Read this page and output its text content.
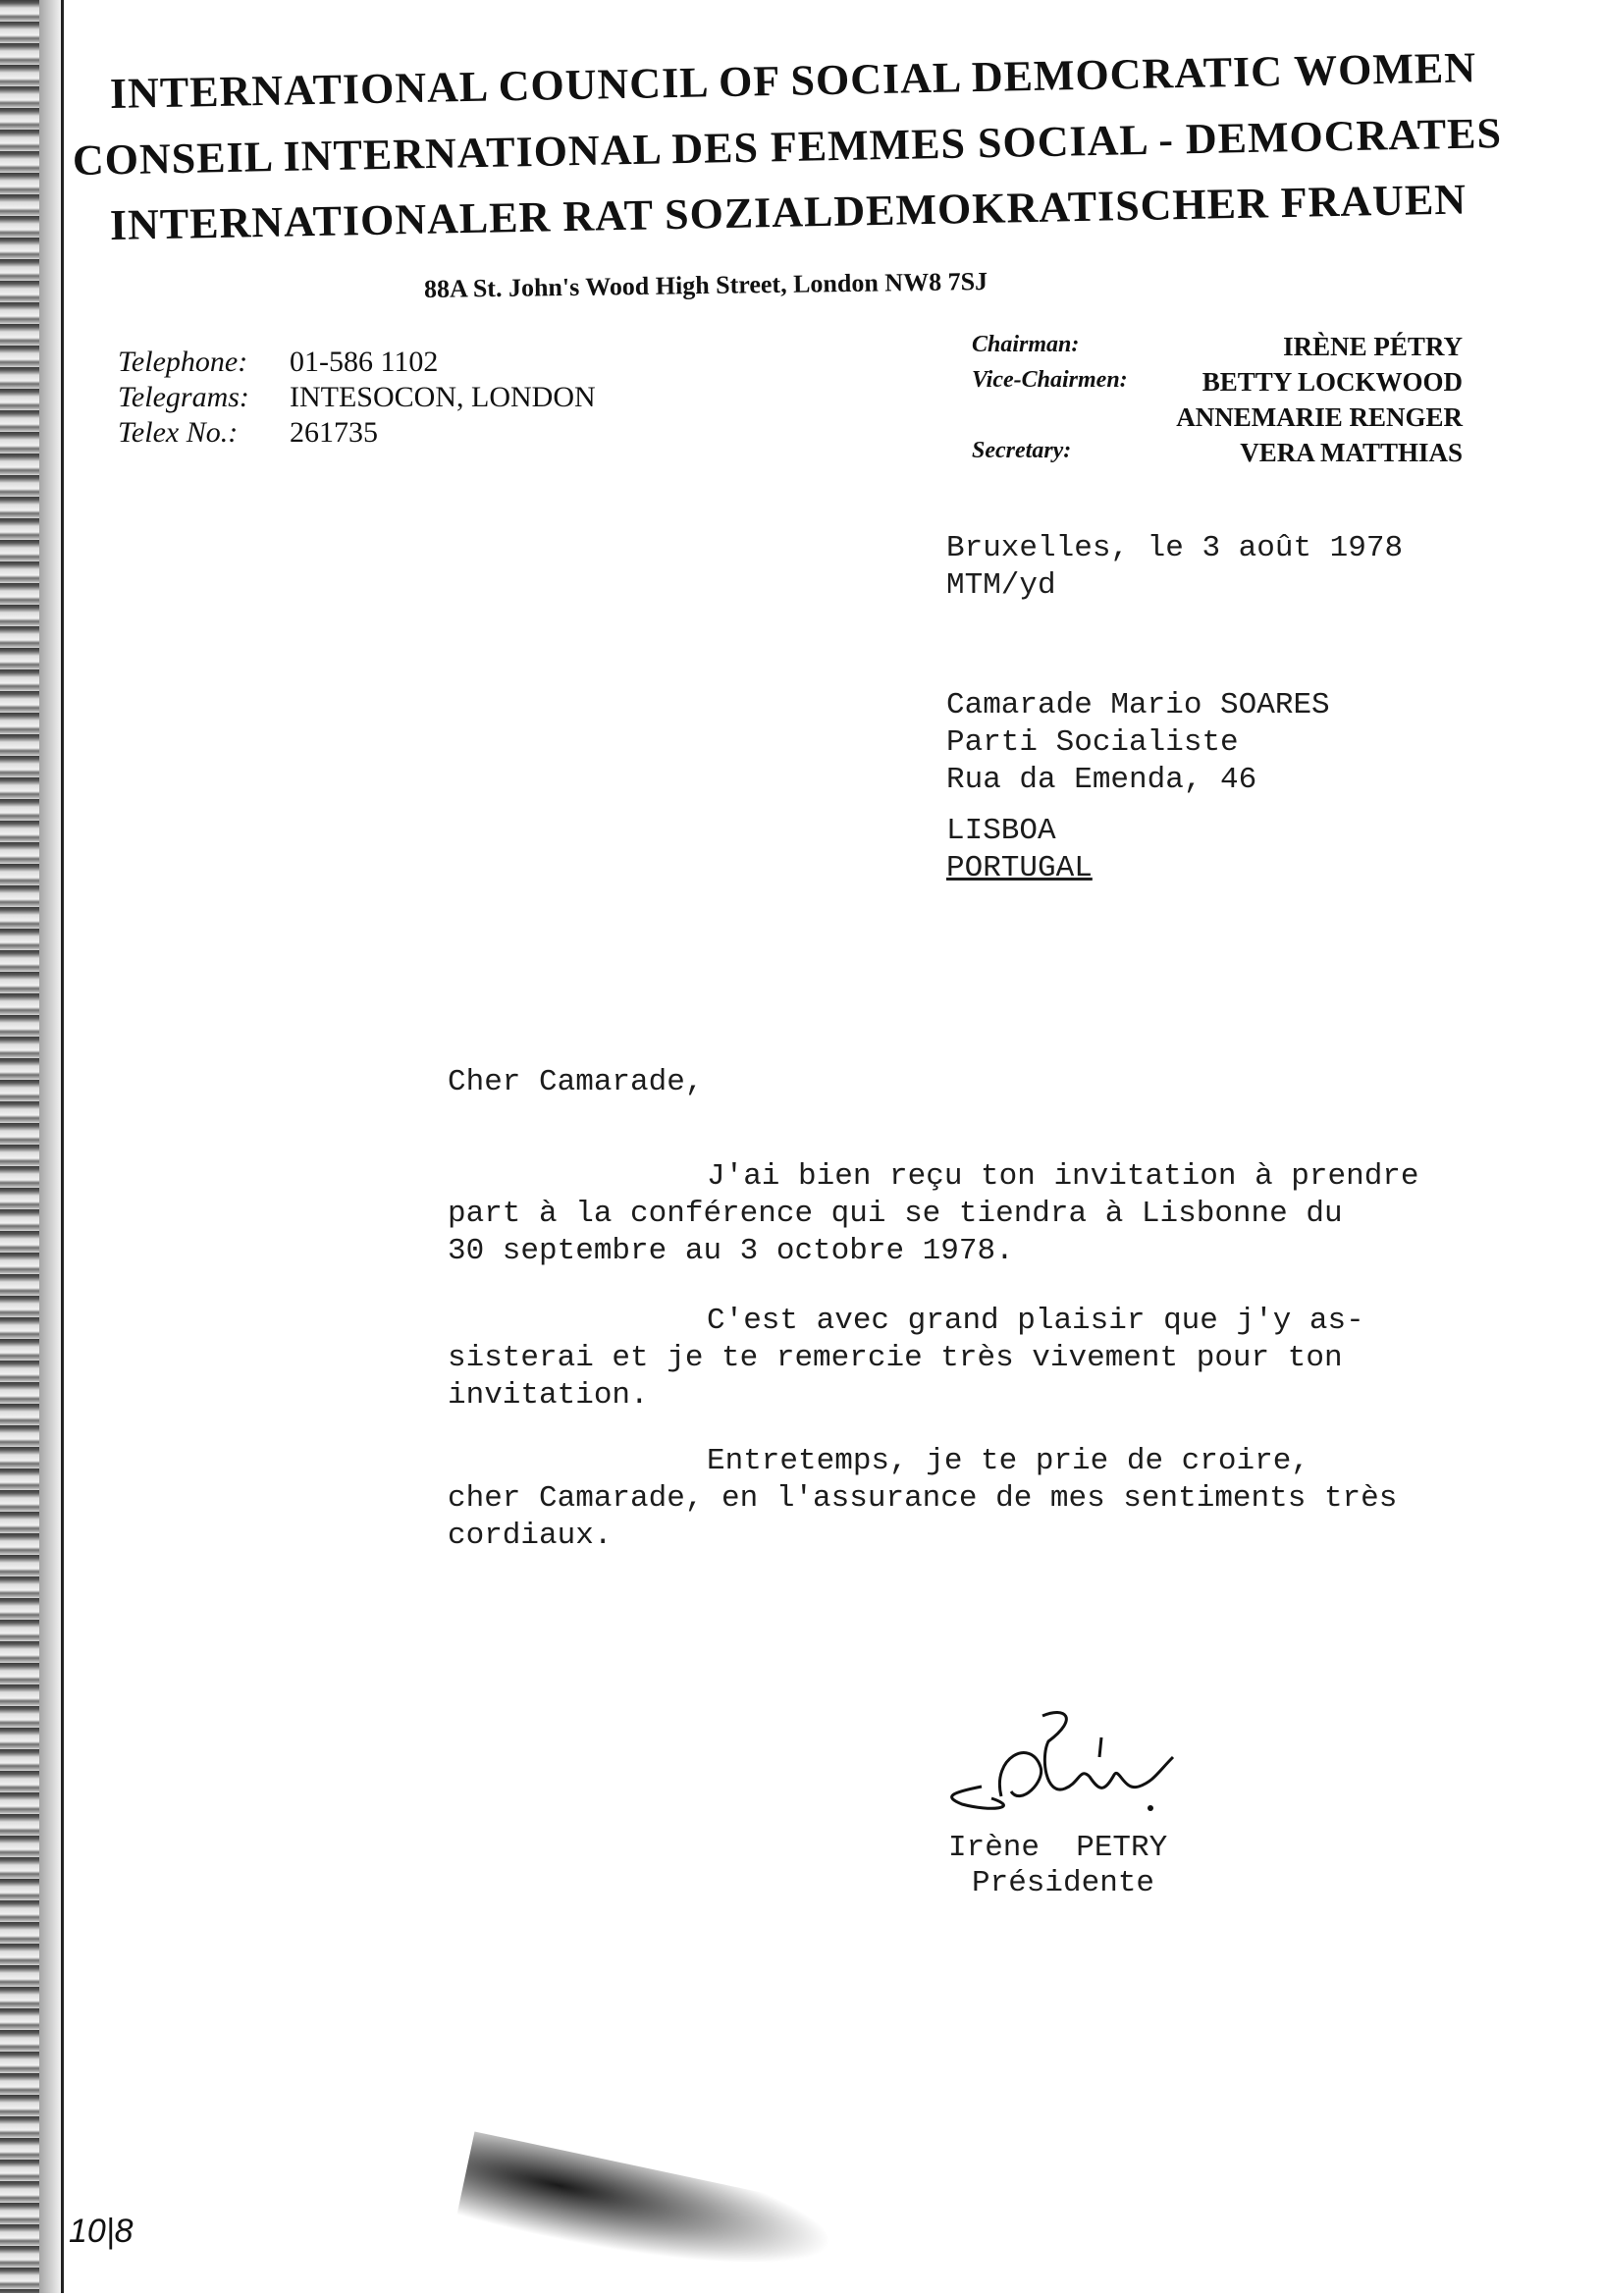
INTERNATIONAL COUNCIL OF SOCIAL DEMOCRATIC WOMEN
CONSEIL INTERNATIONAL DES FEMMES SOCIAL - DEMOCRATES
INTERNATIONALER RAT SOZIALDEMOKRATISCHER FRAUEN
88A St. John's Wood High Street, London NW8 7SJ
Telephone:	01-586 1102
Telegrams:	INTESOCON, LONDON
Telex No.:	261735
Chairman:	IRÈNE PÉTRY
Vice-Chairmen:	BETTY LOCKWOOD
ANNEMARIE RENGER
Secretary:	VERA MATTHIAS
Bruxelles, le 3 août 1978
MTM/yd
Camarade Mario SOARES
Parti Socialiste
Rua da Emenda, 46
LISBOA
PORTUGAL
Cher Camarade,
J'ai bien reçu ton invitation à prendre
part à la conférence qui se tiendra à Lisbonne du
30 septembre au 3 octobre 1978.
C'est avec grand plaisir que j'y as-
sisterai et je te remercie très vivement pour ton
invitation.
Entretemps, je te prie de croire,
cher Camarade, en l'assurance de mes sentiments très
cordiaux.
Irène  PETRY
Présidente
10|8
